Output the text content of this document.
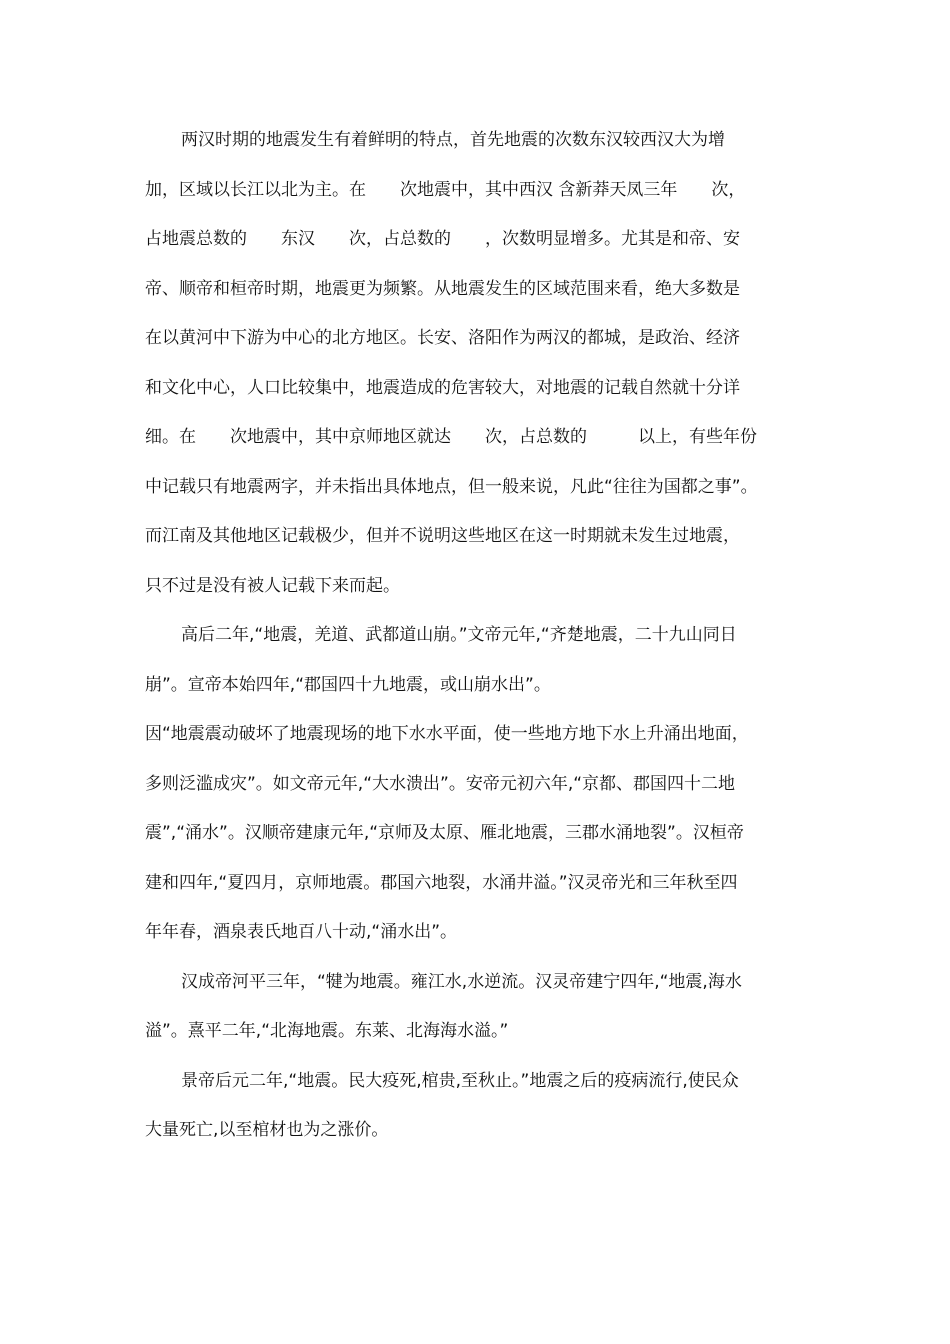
两汉时期的地震发生有着鲜明的特点，首先地震的次数东汉较西汉大为增
加，区域以长江以北为主。在　　次地震中，其中西汉 含新莽天凤三年　　次，
占地震总数的　　东汉　　次，占总数的　　，次数明显增多。尤其是和帝、安
帝、顺帝和桓帝时期，地震更为频繁。从地震发生的区域范围来看，绝大多数是
在以黄河中下游为中心的北方地区。长安、洛阳作为两汉的都城，是政治、经济
和文化中心，人口比较集中，地震造成的危害较大，对地震的记载自然就十分详
细。在　　次地震中，其中京师地区就达　　次，占总数的　　　以上，有些年份
中记载只有地震两字，并未指出具体地点，但一般来说，凡此“往往为国都之事”。
而江南及其他地区记载极少，但并不说明这些地区在这一时期就未发生过地震，
只不过是没有被人记载下来而起。
高后二年,“地震，羌道、武都道山崩。”文帝元年,“齐楚地震，二十九山同日
崩”。宣帝本始四年,“郡国四十九地震，或山崩水出”。
因“地震震动破坏了地震现场的地下水水平面，使一些地方地下水上升涌出地面，
多则泛滥成灾”。如文帝元年,“大水溃出”。安帝元初六年,“京都、郡国四十二地
震”,“涌水”。汉顺帝建康元年,“京师及太原、雁北地震，三郡水涌地裂”。汉桓帝
建和四年,“夏四月，京师地震。郡国六地裂，水涌井溢。”汉灵帝光和三年秋至四
年年春，酒泉表氏地百八十动,“涌水出”。
汉成帝河平三年，“犍为地震。雍江水,水逆流。汉灵帝建宁四年,“地震,海水
溢”。熹平二年,“北海地震。东莱、北海海水溢。”
景帝后元二年,“地震。民大疫死,棺贵,至秋止。”地震之后的疫病流行,使民众
大量死亡,以至棺材也为之涨价。
